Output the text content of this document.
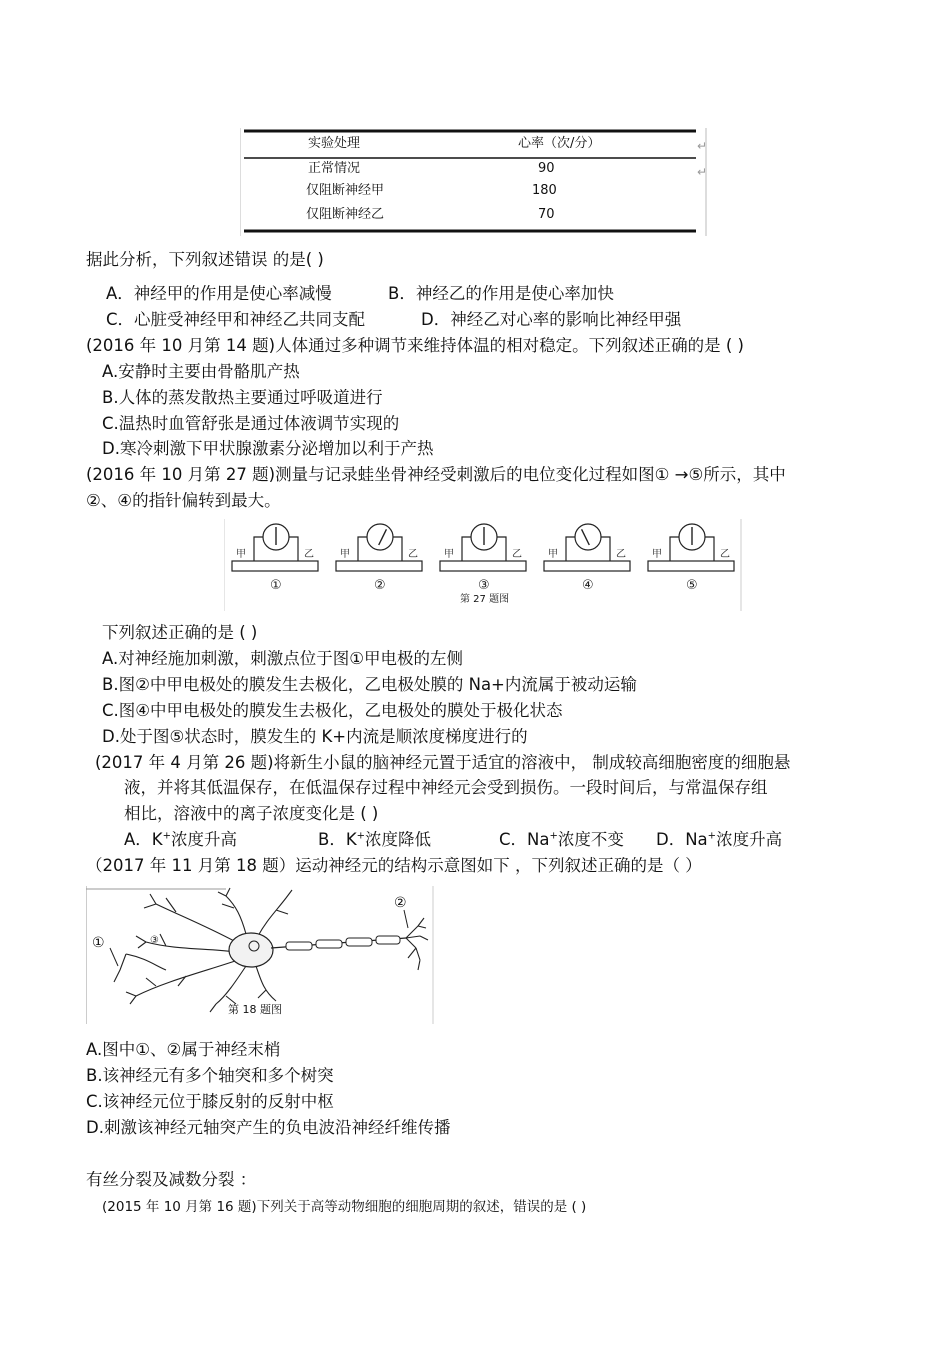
↵
↵
实验处理	心率（次/分）
正常情况	90
仅阻断神经甲	180
仅阻断神经乙	70
据此分析，下列叙述错误 的是( )
A．神经甲的作用是使心率减慢	B．神经乙的作用是使心率加快
C．心脏受神经甲和神经乙共同支配	D．神经乙对心率的影响比神经甲强
(2016 年 10 月第 14 题)人体通过多种调节来维持体温的相对稳定。下列叙述正确的是 ( )
A.安静时主要由骨骼肌产热
B.人体的蒸发散热主要通过呼吸道进行
C.温热时血管舒张是通过体液调节实现的
D.寒冷刺激下甲状腺激素分泌增加以利于产热
(2016 年 10 月第 27 题)测量与记录蛙坐骨神经受刺激后的电位变化过程如图① →⑤所示，其中
②、④的指针偏转到最大。
甲	乙
①
甲	乙
②
甲	乙
③
甲	乙
④
甲	乙
⑤
第 27 题图
下列叙述正确的是 ( )
A.对神经施加刺激，刺激点位于图①甲电极的左侧
B.图②中甲电极处的膜发生去极化，乙电极处膜的 Na+内流属于被动运输
C.图④中甲电极处的膜发生去极化，乙电极处的膜处于极化状态
D.处于图⑤状态时，膜发生的 K+内流是顺浓度梯度进行的
(2017 年 4 月第 26 题)将新生小鼠的脑神经元置于适宜的溶液中， 制成较高细胞密度的细胞悬
液，并将其低温保存，在低温保存过程中神经元会受到损伤。一段时间后，与常温保存组
相比，溶液中的离子浓度变化是 ( )
A．K+浓度升高	B．K+浓度降低	C．Na+浓度不变 D．Na+浓度升高
（2017 年 11 月第 18 题）运动神经元的结构示意图如下 ，下列叙述正确的是（ ）
①
②
③
第 18 题图
A.图中①、②属于神经末梢
B.该神经元有多个轴突和多个树突
C.该神经元位于膝反射的反射中枢
D.刺激该神经元轴突产生的负电波沿神经纤维传播
有丝分裂及减数分裂 ：
(2015 年 10 月第 16 题)下列关于高等动物细胞的细胞周期的叙述，错误的是 ( )
